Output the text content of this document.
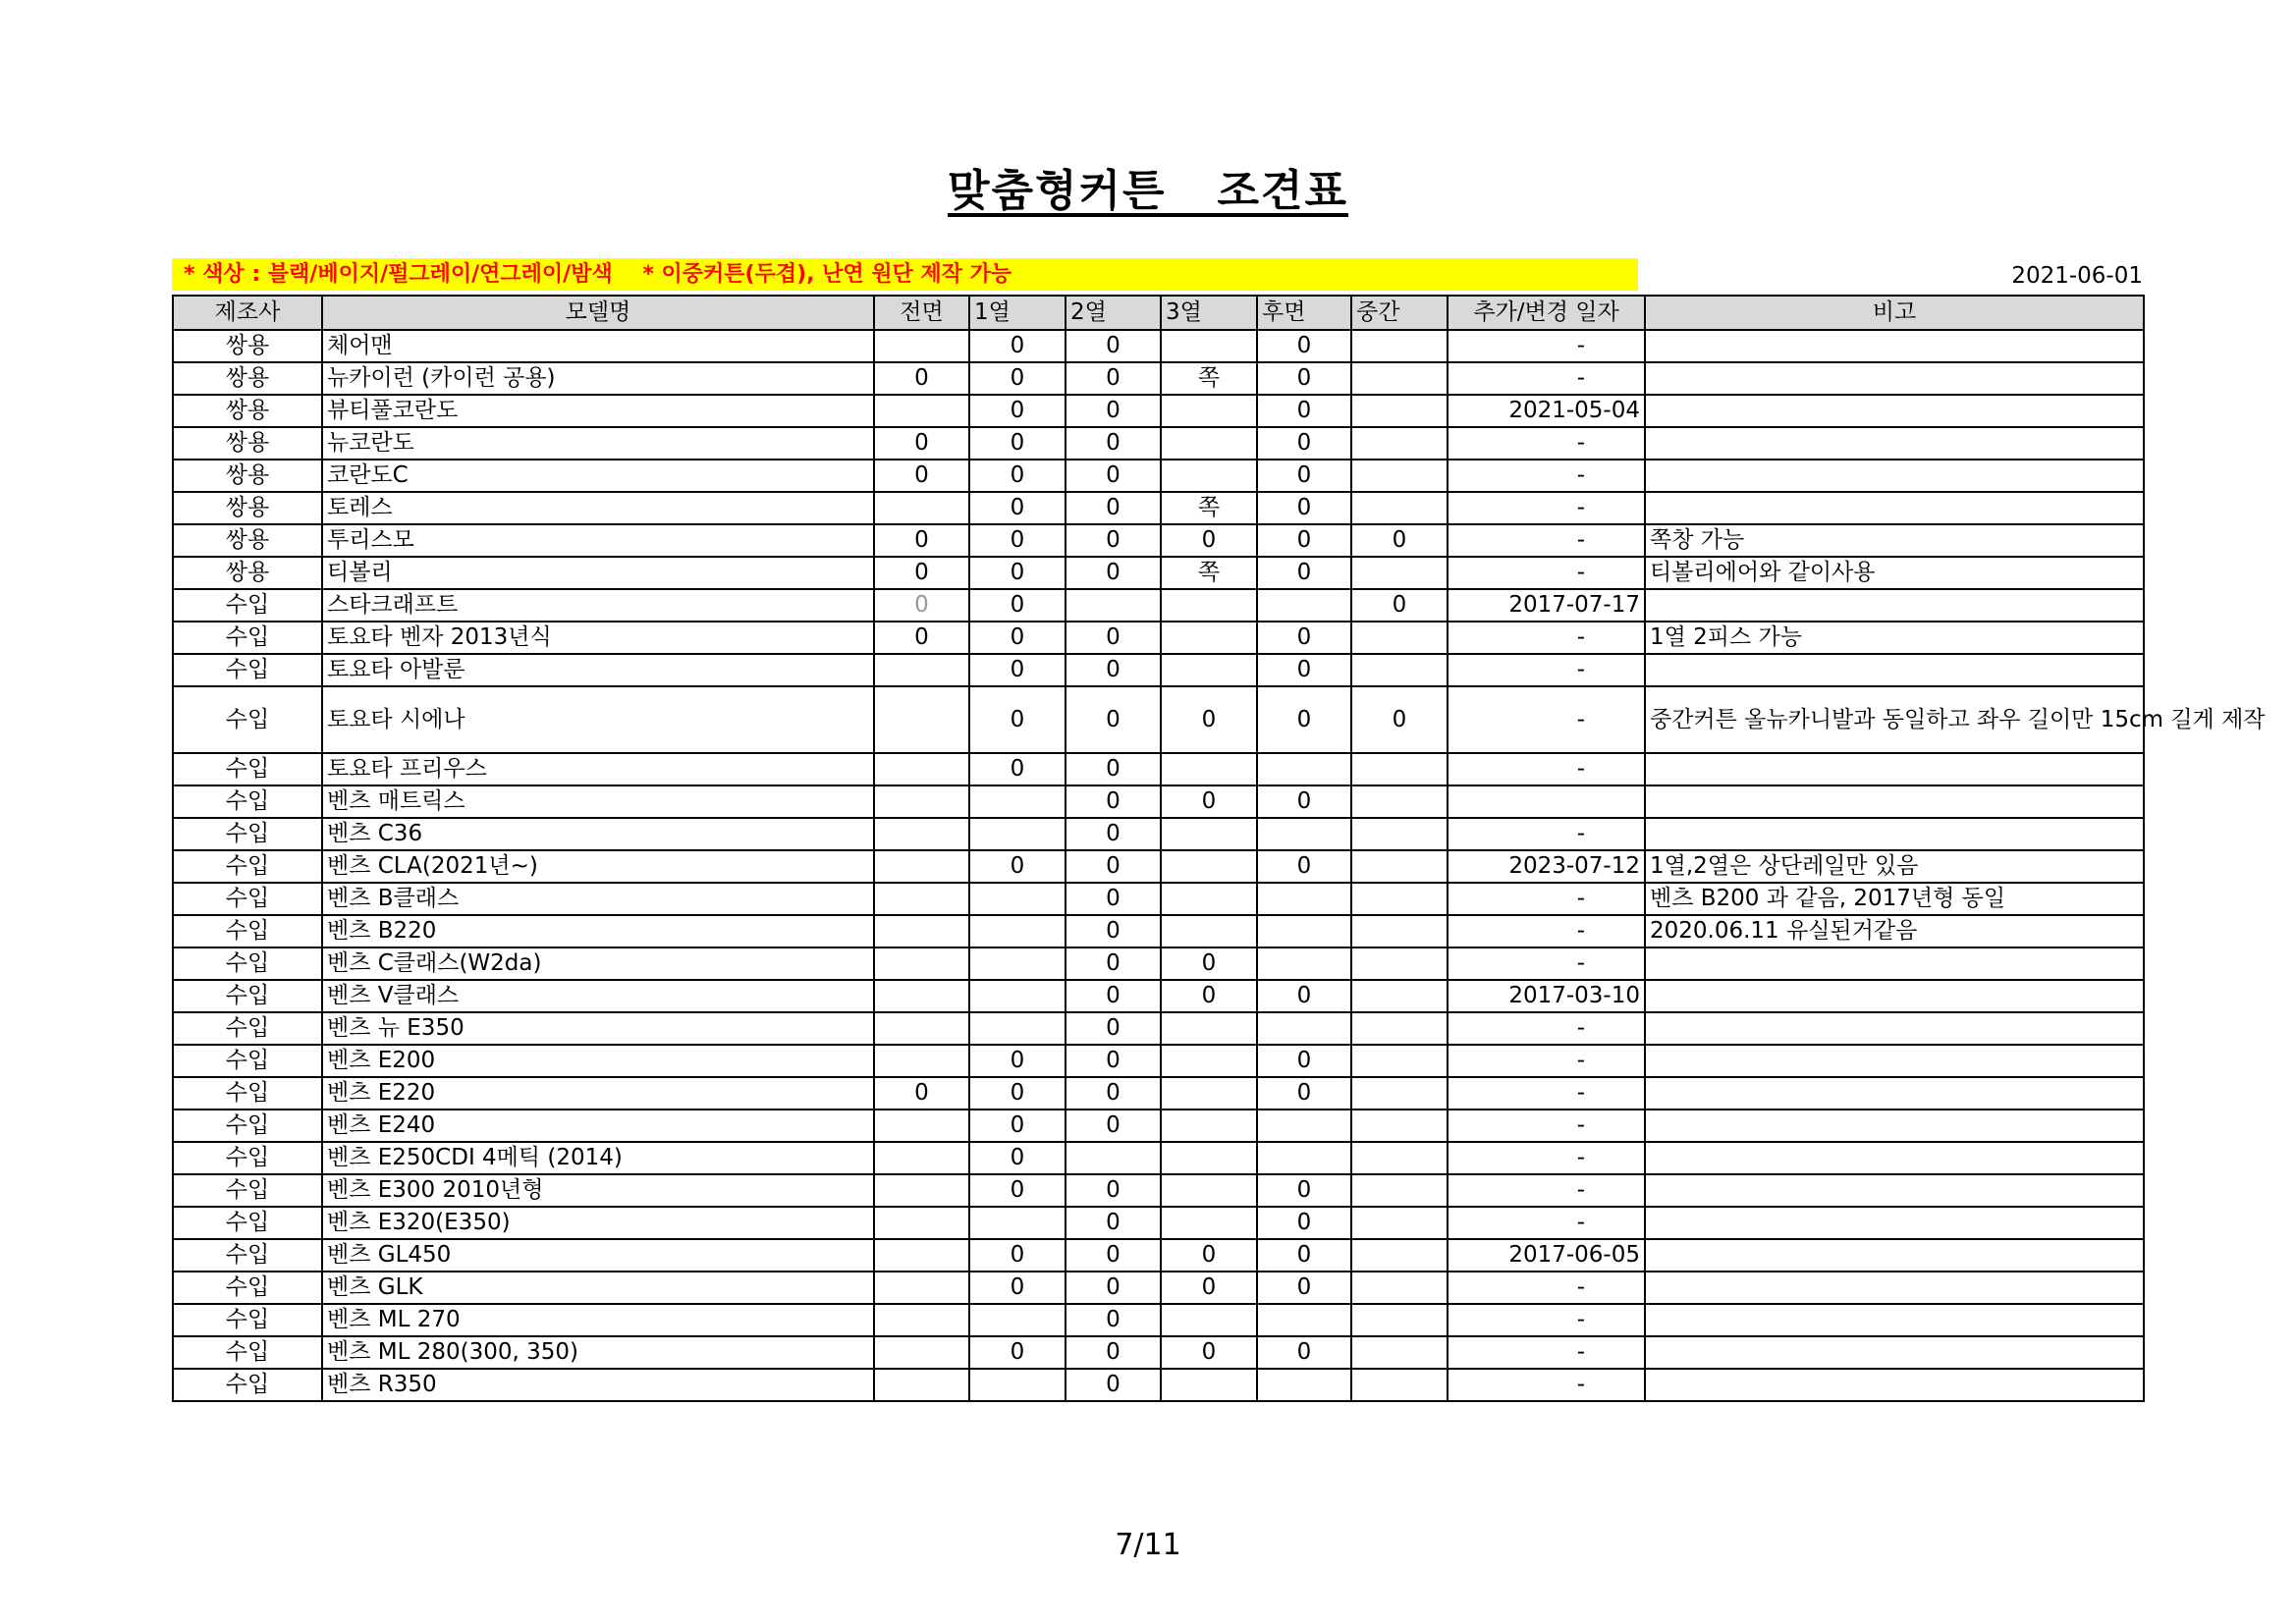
맞춤형커튼   조견표
* 색상 : 블랙/베이지/펄그레이/연그레이/밤색    * 이중커튼(두겹), 난연 원단 제작 가능	2021-06-01
제조사	모델명	전면	1열	2열	3열	후면	중간	추가/변경 일자	비고
쌍용	체어맨		0	0		0		-	
쌍용	뉴카이런 (카이런 공용)	0	0	0	쪽	0		-	
쌍용	뷰티풀코란도		0	0		0		2021-05-04	
쌍용	뉴코란도	0	0	0		0		-	
쌍용	코란도C	0	0	0		0		-	
쌍용	토레스		0	0	쪽	0		-	
쌍용	투리스모	0	0	0	0	0	0	-	쪽창 가능
쌍용	티볼리	0	0	0	쪽	0		-	티볼리에어와 같이사용
수입	스타크래프트	0	0				0	2017-07-17	
수입	토요타 벤자 2013년식	0	0	0		0		-	1열 2피스 가능
수입	토요타 아발룬		0	0		0		-	
수입	토요타 시에나		0	0	0	0	0	-	중간커튼 올뉴카니발과 동일하고 좌우 길이만 15cm 길게 제작
수입	토요타 프리우스		0	0				-	
수입	벤츠 매트릭스			0	0	0			
수입	벤츠 C36			0				-	
수입	벤츠 CLA(2021년~)		0	0		0		2023-07-12	1열,2열은 상단레일만 있음
수입	벤츠 B클래스			0				-	벤츠 B200 과 같음, 2017년형 동일
수입	벤츠 B220			0				-	2020.06.11 유실된거같음
수입	벤츠 C클래스(W2da)			0	0			-	
수입	벤츠 V클래스			0	0	0		2017-03-10	
수입	벤츠 뉴 E350			0				-	
수입	벤츠 E200		0	0		0		-	
수입	벤츠 E220	0	0	0		0		-	
수입	벤츠 E240		0	0				-	
수입	벤츠 E250CDI 4메틱 (2014)		0					-	
수입	벤츠 E300 2010년형		0	0		0		-	
수입	벤츠 E320(E350)			0		0		-	
수입	벤츠 GL450		0	0	0	0		2017-06-05	
수입	벤츠 GLK		0	0	0	0		-	
수입	벤츠 ML 270			0				-	
수입	벤츠 ML 280(300, 350)		0	0	0	0		-	
수입	벤츠 R350			0				-	
7/11
